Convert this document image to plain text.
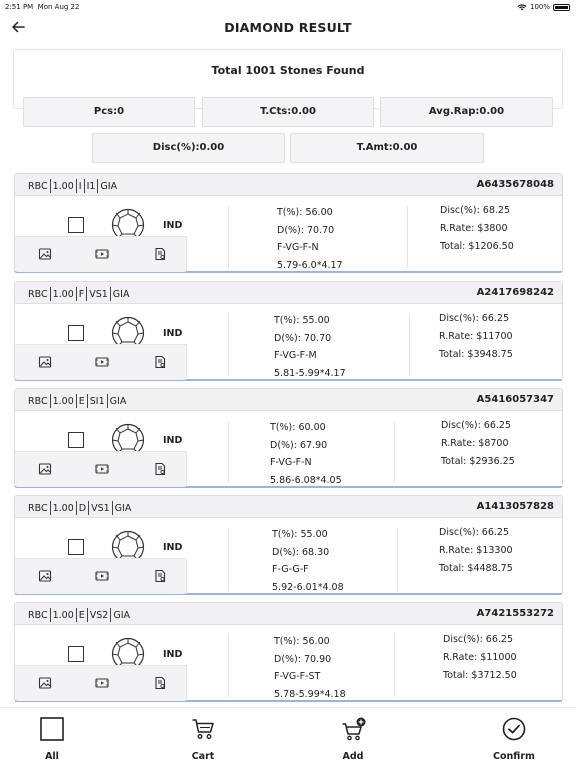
2:51 PM Mon Aug 22	100%
DIAMOND RESULT
Total 1001 Stones Found
Pcs:0	T.Cts:0.00	Avg.Rap:0.00
Disc(%):0.00	T.Amt:0.00
RBC 1.00 I I1 GIA	A6435678048
IND
T(%): 56.00
D(%): 70.70
F-VG-F-N
5.79-6.0*4.17
Disc(%): 68.25
R.Rate: $3800
Total: $1206.50
RBC 1.00 F VS1 GIA	A2417698242
IND
T(%): 55.00
D(%): 70.70
F-VG-F-M
5.81-5.99*4.17
Disc(%): 66.25
R.Rate: $11700
Total: $3948.75
RBC 1.00 E SI1 GIA	A5416057347
IND
T(%): 60.00
D(%): 67.90
F-VG-F-N
5.86-6.08*4.05
Disc(%): 66.25
R.Rate: $8700
Total: $2936.25
RBC 1.00 D VS1 GIA	A1413057828
IND
T(%): 55.00
D(%): 68.30
F-G-G-F
5.92-6.01*4.08
Disc(%): 66.25
R.Rate: $13300
Total: $4488.75
RBC 1.00 E VS2 GIA	A7421553272
IND
T(%): 56.00
D(%): 70.90
F-VG-F-ST
5.78-5.99*4.18
Disc(%): 66.25
R.Rate: $11000
Total: $3712.50
All	Cart	Add	Confirm
